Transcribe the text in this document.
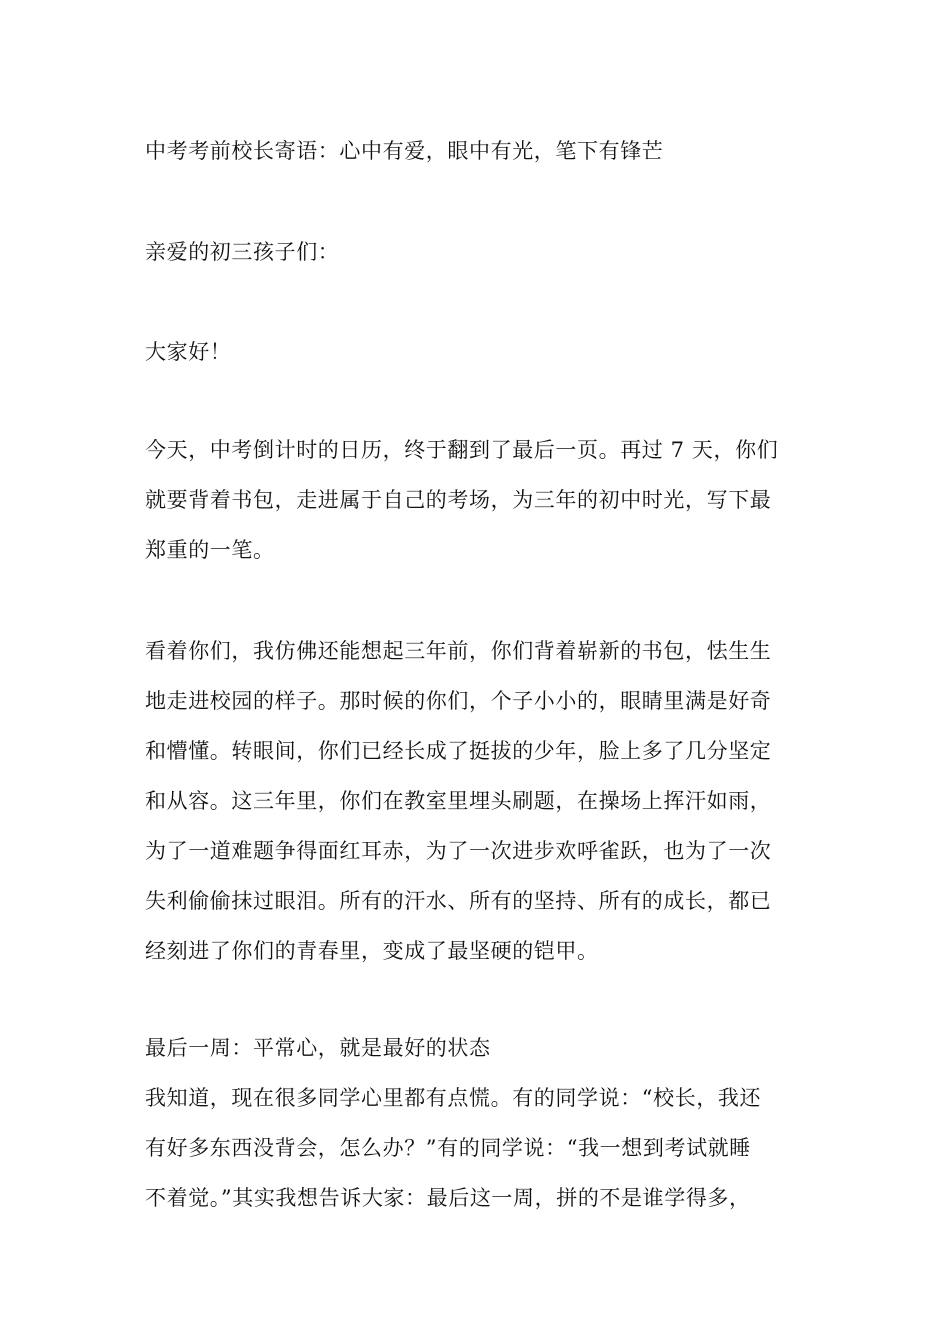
中考考前校长寄语：心中有爱，眼中有光，笔下有锋芒

亲爱的初三孩子们：

大家好！

今天，中考倒计时的日历，终于翻到了最后一页。再过 7 天，你们
就要背着书包，走进属于自己的考场，为三年的初中时光，写下最
郑重的一笔。

看着你们，我仿佛还能想起三年前，你们背着崭新的书包，怯生生
地走进校园的样子。那时候的你们，个子小小的，眼睛里满是好奇
和懵懂。转眼间，你们已经长成了挺拔的少年，脸上多了几分坚定
和从容。这三年里，你们在教室里埋头刷题，在操场上挥汗如雨，
为了一道难题争得面红耳赤，为了一次进步欢呼雀跃，也为了一次
失利偷偷抹过眼泪。所有的汗水、所有的坚持、所有的成长，都已
经刻进了你们的青春里，变成了最坚硬的铠甲。

最后一周：平常心，就是最好的状态

我知道，现在很多同学心里都有点慌。有的同学说：“校长，我还
有好多东西没背会，怎么办？”有的同学说：“我一想到考试就睡
不着觉。”其实我想告诉大家：最后这一周，拼的不是谁学得多，
